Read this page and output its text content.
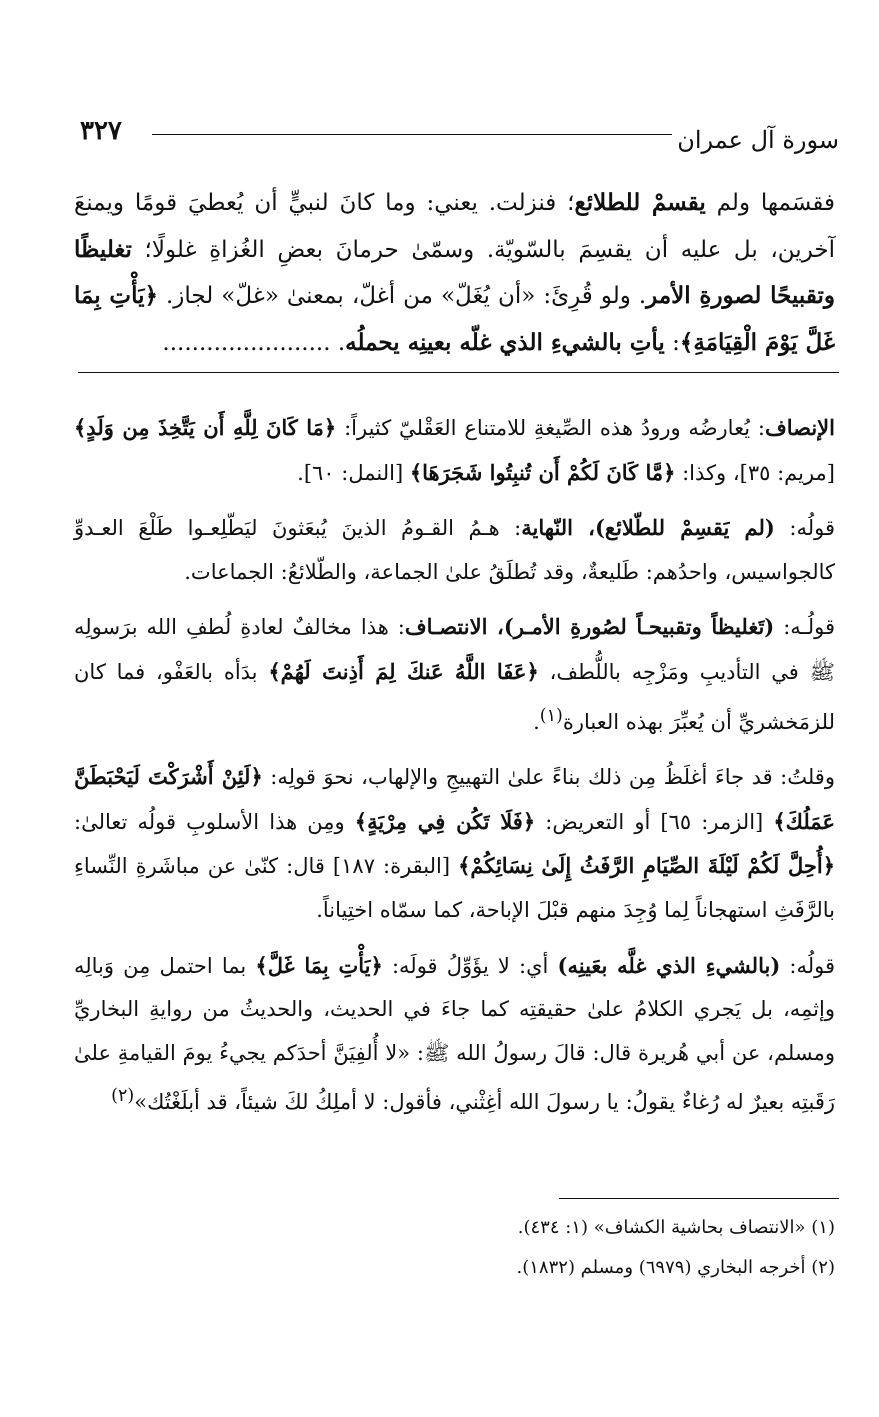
٣٢٧	سورة آل عمران
فقسَمها ولم يقسمْ للطلائع؛ فنزلت. يعني: وما كانَ لنبيٍّ أن يُعطيَ قومًا ويمنعَ آخرين، بل عليه أن يقسِمَ بالسّويّة. وسمّىٰ حرمانَ بعضِ الغُزاةِ غلولًا؛ تغليظًا وتقبيحًا لصورةِ الأمر. ولو قُرِئَ: «أن يُغَلّ» من أغلّ، بمعنىٰ «غلّ» لجاز. ﴿يَأْتِ بِمَا غَلَّ يَوْمَ الْقِيَامَةِ﴾: يأتِ بالشيءِ الذي غلّه بعينِه يحملُه. .......................

الإنصاف: يُعارضُه ورودُ هذه الصِّيغةِ للامتناع العَقْليّ كثيراً: ﴿مَا كَانَ لِلَّهِ أَن يَتَّخِذَ مِن وَلَدٍ﴾ [مريم: ٣٥]، وكذا: ﴿مَّا كَانَ لَكُمْ أَن تُنبِتُوا شَجَرَهَا﴾ [النمل: ٦٠].

قولُه: (لم يَقسِمْ للطّلائع)، النّهاية: هـمُ القـومُ الذينَ يُبعَثونَ ليَطّلِعـوا طَلْعَ العـدوِّ كالجواسيس، واحدُهم: طَليعةٌ، وقد تُطلَقُ علىٰ الجماعة، والطّلائعُ: الجماعات.

قولُـه: (تَغليظاً وتقبيحـاً لصُورةِ الأمـر)، الانتصـاف: هذا مخالفٌ لعادةِ لُطفِ الله برَسولِه ﷺ في التأديبِ ومَزْجِه باللُّطف، ﴿عَفَا اللَّهُ عَنكَ لِمَ أَذِنتَ لَهُمْ﴾ بدَأه بالعَفْو، فما كان للزمَخشريِّ أن يُعبِّرَ بهذه العبارة$^{(١)}$.

وقلتُ: قد جاءَ أغلَظُ مِن ذلك بناءً علىٰ التهييجِ والإلهاب، نحوَ قولِه: ﴿لَئِنْ أَشْرَكْتَ لَيَحْبَطَنَّ عَمَلُكَ﴾ [الزمر: ٦٥] أو التعريض: ﴿فَلَا تَكُن فِي مِرْيَةٍ﴾ ومِن هذا الأسلوبِ قولُه تعالىٰ: ﴿أُحِلَّ لَكُمْ لَيْلَةَ الصِّيَامِ الرَّفَثُ إِلَىٰ نِسَائِكُمْ﴾ [البقرة: ١٨٧] قال: كنّىٰ عن مباشَرةِ النِّساءِ بالرَّفَثِ استهجاناً لِما وُجِدَ منهم قبْلَ الإباحة، كما سمّاه اختِياناً.

قولُه: (بالشيءِ الذي غلَّه بعَينِه) أي: لا يؤَوِّلُ قولَه: ﴿يَأْتِ بِمَا غَلَّ﴾ بما احتمل مِن وَبالِه وإثمِه، بل يَجري الكلامُ علىٰ حقيقتِه كما جاءَ في الحديث، والحديثُ من روايةِ البخاريِّ ومسلم، عن أبي هُريرة قال: قالَ رسولُ الله ﷺ: «لا أُلفِيَنَّ أحدَكم يجيءُ يومَ القيامةِ علىٰ رَقَبتِه بعيرٌ له رُغاءٌ يقولُ: يا رسولَ الله أغِثْني، فأقول: لا أملِكُ لكَ شيئاً، قد أبلَغْتُك»$^{(٢)}$

(١) «الانتصاف بحاشية الكشاف» (١: ٤٣٤).
(٢) أخرجه البخاري (٦٩٧٩) ومسلم (١٨٣٢).
